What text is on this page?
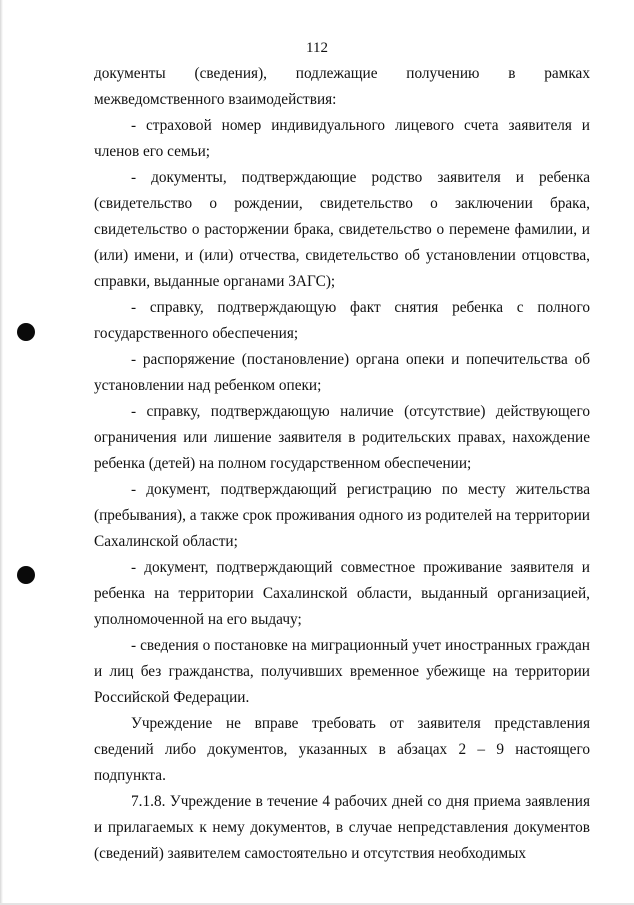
112

документы (сведения), подлежащие получению в рамках межведомственного взаимодействия:

- страховой номер индивидуального лицевого счета заявителя и членов его семьи;

- документы, подтверждающие родство заявителя и ребенка (свидетельство о рождении, свидетельство о заключении брака, свидетельство о расторжении брака, свидетельство о перемене фамилии, и (или) имени, и (или) отчества, свидетельство об установлении отцовства, справки, выданные органами ЗАГС);

- справку, подтверждающую факт снятия ребенка с полного государственного обеспечения;

- распоряжение (постановление) органа опеки и попечительства об установлении над ребенком опеки;

- справку, подтверждающую наличие (отсутствие) действующего ограничения или лишение заявителя в родительских правах, нахождение ребенка (детей) на полном государственном обеспечении;

- документ, подтверждающий регистрацию по месту жительства (пребывания), а также срок проживания одного из родителей на территории Сахалинской области;

- документ, подтверждающий совместное проживание заявителя и ребенка на территории Сахалинской области, выданный организацией, уполномоченной на его выдачу;

- сведения о постановке на миграционный учет иностранных граждан и лиц без гражданства, получивших временное убежище на территории Российской Федерации.

Учреждение не вправе требовать от заявителя представления сведений либо документов, указанных в абзацах 2 – 9 настоящего подпункта.

7.1.8. Учреждение в течение 4 рабочих дней со дня приема заявления и прилагаемых к нему документов, в случае непредставления документов (сведений) заявителем самостоятельно и отсутствия необходимых
